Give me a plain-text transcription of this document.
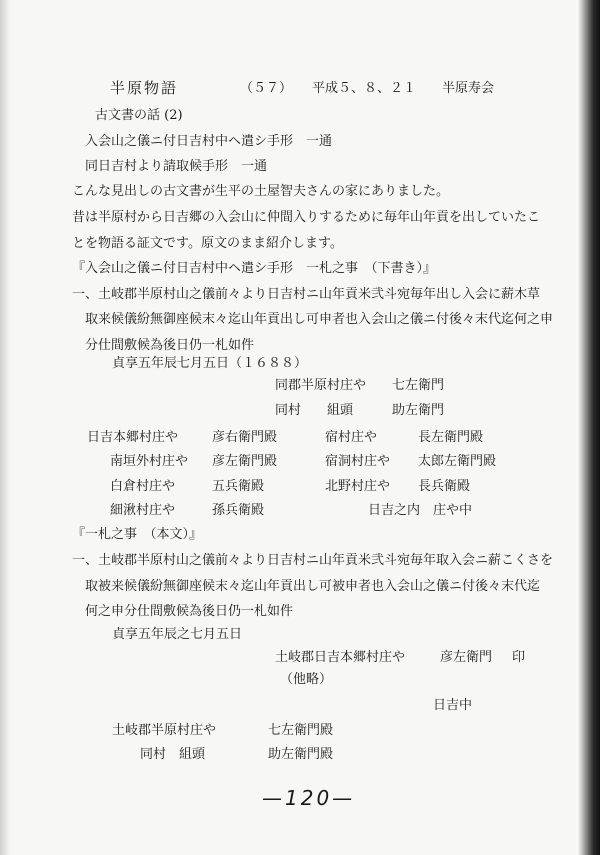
半原物語	（５７） 平成５、８、２１ 半原寿会
古文書の話 (2)
入会山之儀ニ付日吉村中ヘ遣シ手形　一通
同日吉村より請取候手形　一通
こんな見出しの古文書が生平の土屋智夫さんの家にありました。
昔は半原村から日吉郷の入会山に仲間入りするために毎年山年貢を出していたこ
とを物語る証文です。原文のまま紹介します。
『入会山之儀ニ付日吉村中ヘ遣シ手形　一札之事　（下書き）』
一、土岐郡半原村山之儀前々より日吉村ニ山年貢米弐斗宛毎年出し入会に薪木草
取来候儀紛無御座候末々迄山年貢出し可申者也入会山之儀ニ付後々末代迄何之申
分仕間敷候為後日仍一札如件
貞享五年辰七月五日（１６８８）
同郡半原村庄や 七左衛門
同村　　組頭	助左衛門
日吉本郷村庄や	彦右衛門殿	宿村庄や	長左衛門殿
南垣外村庄や 彦左衛門殿	宿洞村庄や 太郎左衛門殿
白倉村庄や	五兵衛殿	北野村庄や 長兵衛殿
細湫村庄や	孫兵衛殿	日吉之内　庄や中
『一札之事　（本文）』
一、土岐郡半原村山之儀前々より日吉村ニ山年貢米弐斗宛毎年取入会ニ薪こくさを
取被来候儀紛無御座候末々迄山年貢出し可被申者也入会山之儀ニ付後々末代迄
何之申分仕間敷候為後日仍一札如件
貞享五年辰之七月五日
土岐郡日吉本郷村庄や	彦左衛門 印
（他略）
日吉中
土岐郡半原村庄や	七左衛門殿
同村　組頭	助左衛門殿
—120—
